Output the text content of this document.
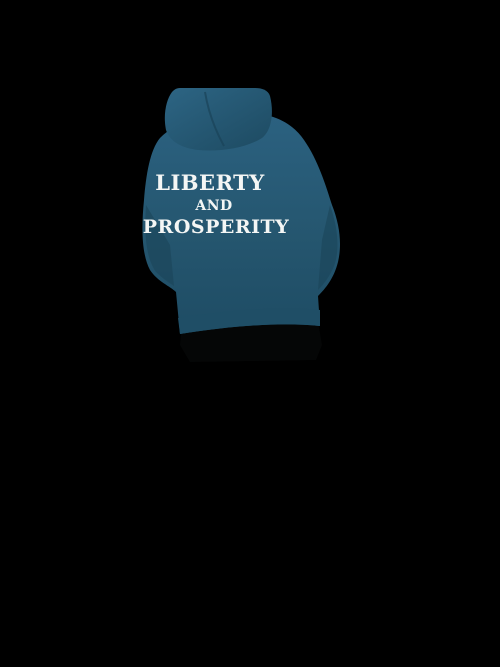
LIBERTY
AND
PROSPERITY
